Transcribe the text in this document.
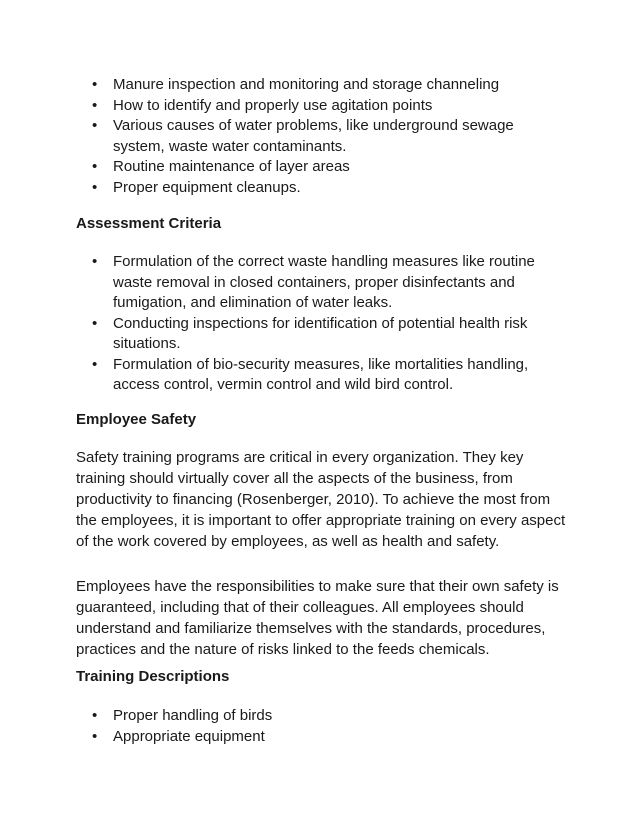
• Manure inspection and monitoring and storage channeling
• How to identify and properly use agitation points
• Various causes of water problems, like underground sewage system, waste water contaminants.
• Routine maintenance of layer areas
• Proper equipment cleanups.
Assessment Criteria
• Formulation of the correct waste handling measures like routine waste removal in closed containers, proper disinfectants and fumigation, and elimination of water leaks.
• Conducting inspections for identification of potential health risk situations.
• Formulation of bio-security measures, like mortalities handling, access control, vermin control and wild bird control.
Employee Safety

Safety training programs are critical in every organization. They key training should virtually cover all the aspects of the business, from productivity to financing (Rosenberger, 2010). To achieve the most from the employees, it is important to offer appropriate training on every aspect of the work covered by employees, as well as health and safety.

Employees have the responsibilities to make sure that their own safety is guaranteed, including that of their colleagues. All employees should understand and familiarize themselves with the standards, procedures, practices and the nature of risks linked to the feeds chemicals.

Training Descriptions
• Proper handling of birds
• Appropriate equipment
